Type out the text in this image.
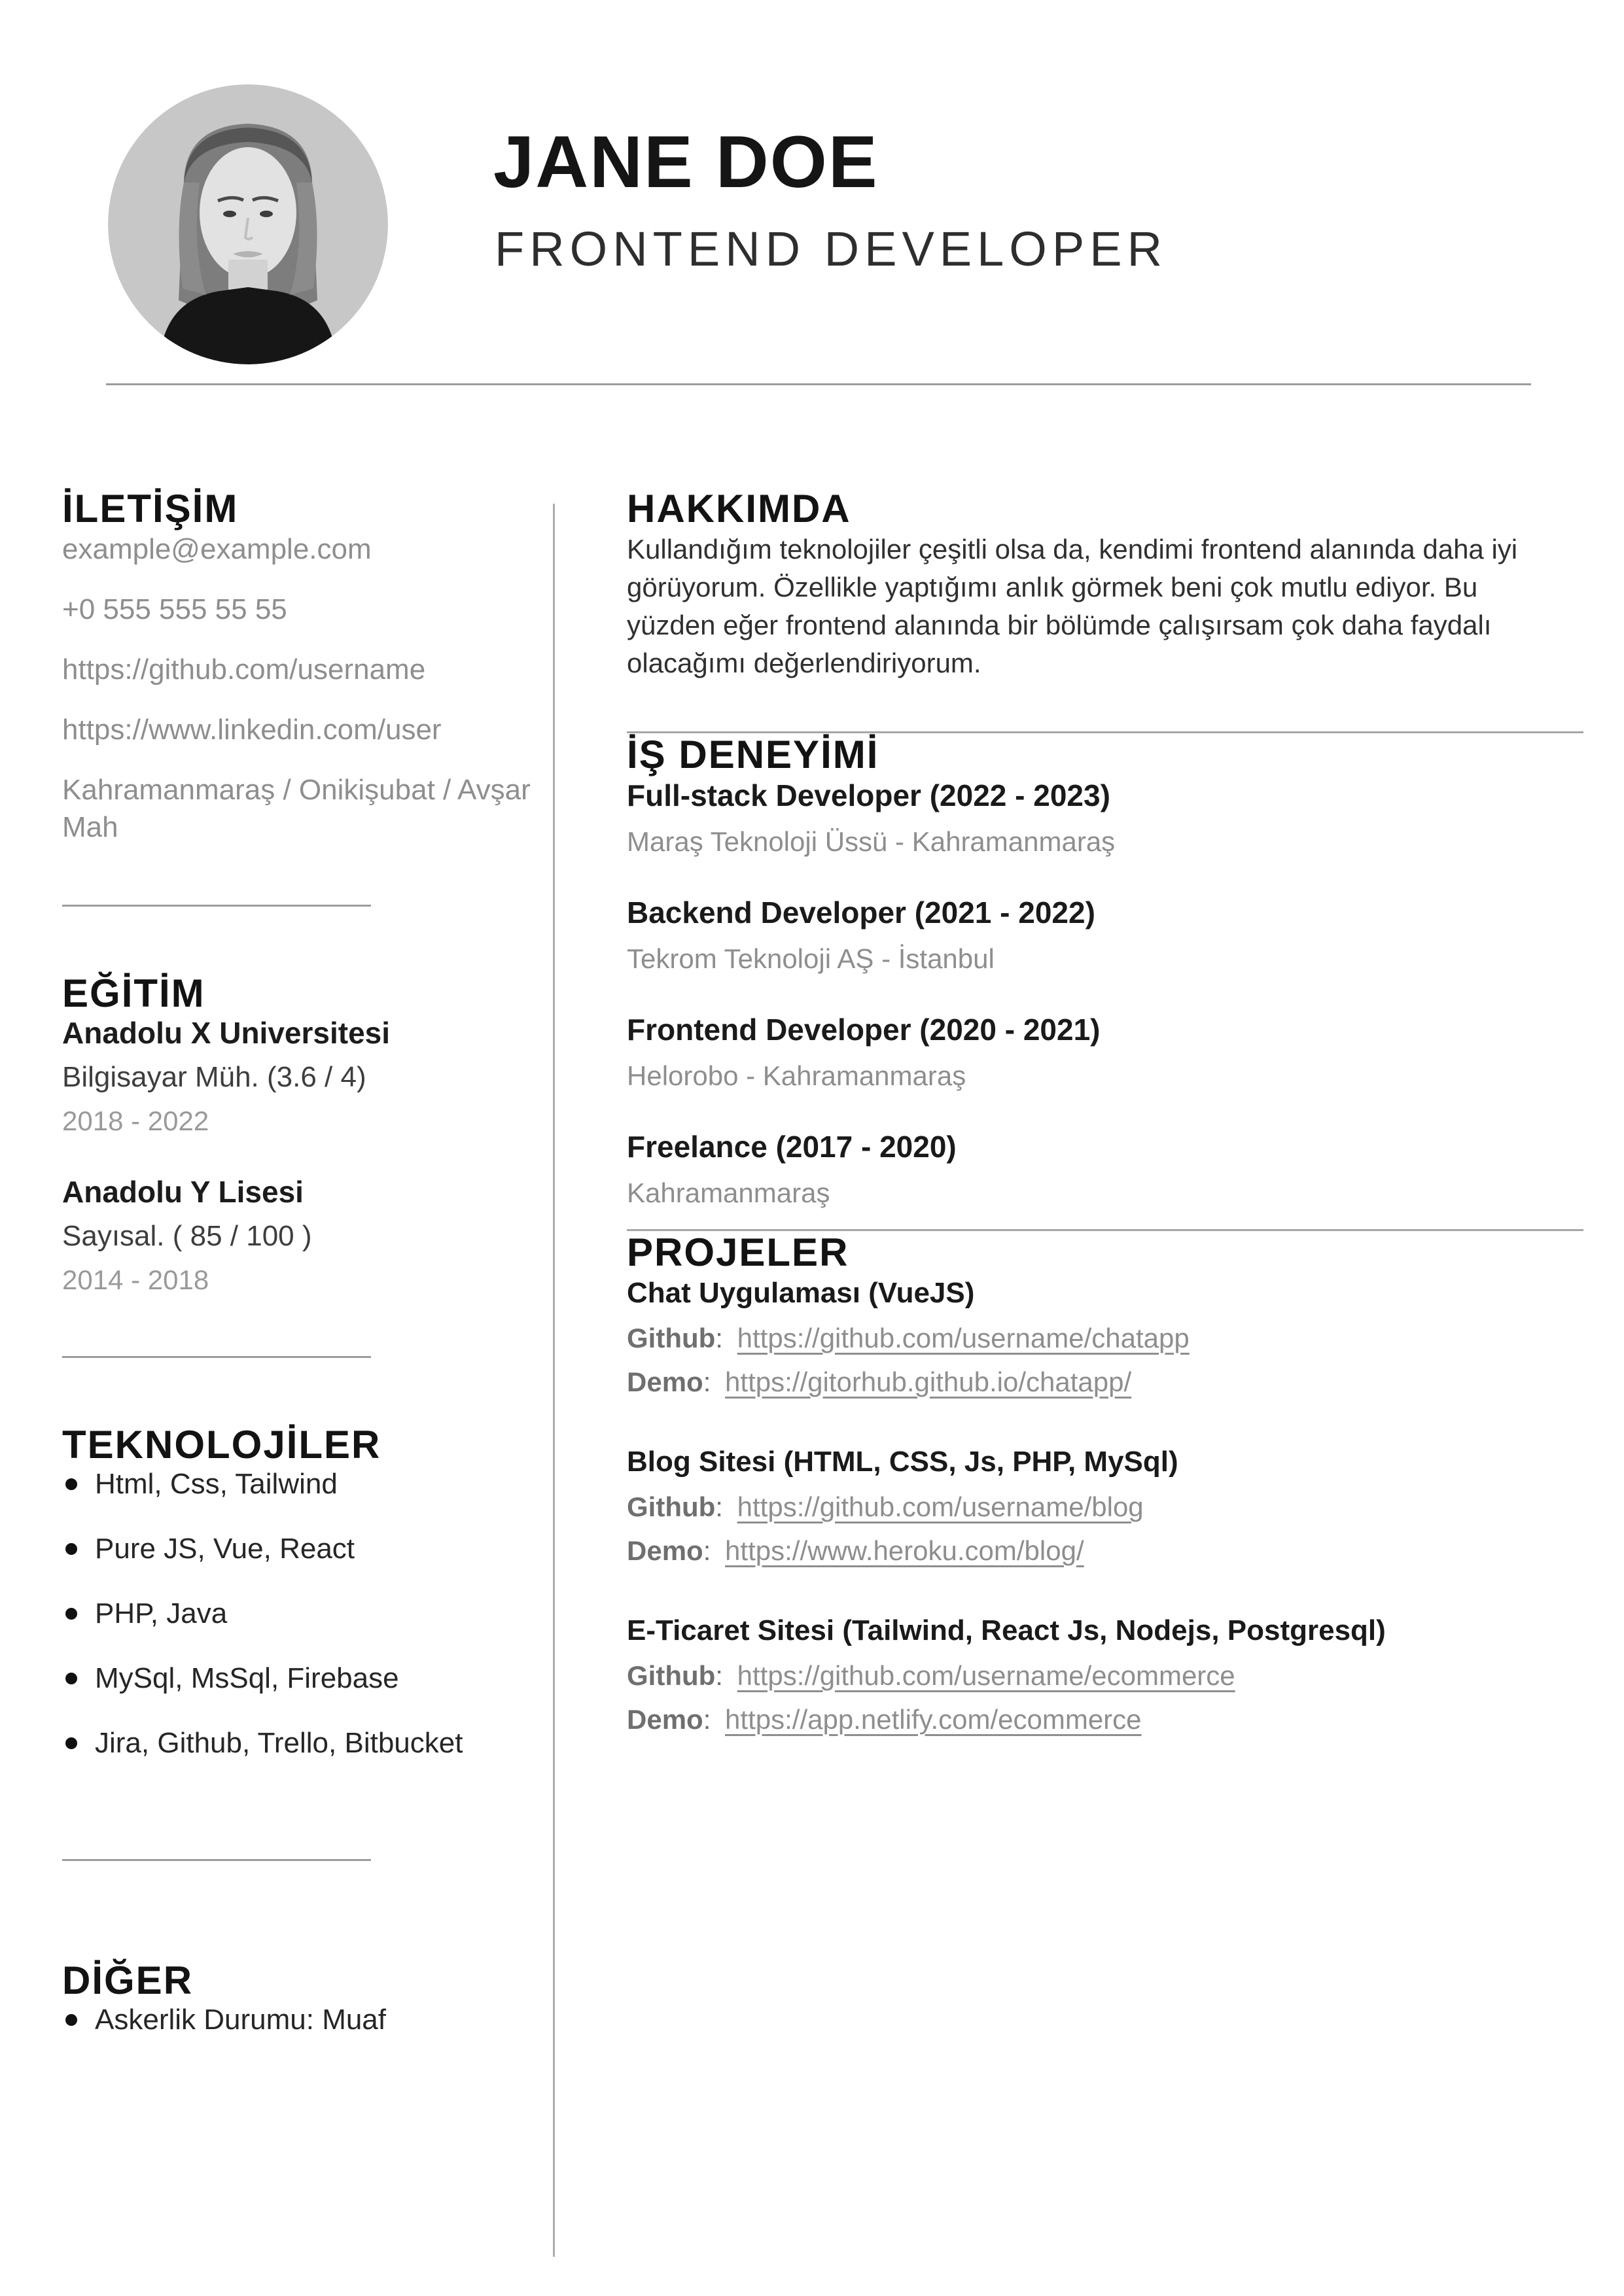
JANE DOE
FRONTEND DEVELOPER
İLETİŞİM

example@example.com

+0 555 555 55 55

https://github.com/username

https://www.linkedin.com/user

Kahramanmaraş / Onikişubat / Avşar Mah

EĞİTİM

Anadolu X Universitesi

Bilgisayar Müh. (3.6 / 4)

2018 - 2022

Anadolu Y Lisesi

Sayısal. ( 85 / 100 )

2014 - 2018

TEKNOLOJİLER
Html, Css, Tailwind
Pure JS, Vue, React
PHP, Java
MySql, MsSql, Firebase
Jira, Github, Trello, Bitbucket
DİĞER
Askerlik Durumu: Muaf
HAKKIMDA

Kullandığım teknolojiler çeşitli olsa da, kendimi frontend alanında daha iyi görüyorum. Özellikle yaptığımı anlık görmek beni çok mutlu ediyor. Bu yüzden eğer frontend alanında bir bölümde çalışırsam çok daha faydalı olacağımı değerlendiriyorum.

İŞ DENEYİMİ

Full-stack Developer (2022 - 2023)

Maraş Teknoloji Üssü - Kahramanmaraş

Backend Developer (2021 - 2022)

Tekrom Teknoloji AŞ - İstanbul

Frontend Developer (2020 - 2021)

Helorobo - Kahramanmaraş

Freelance (2017 - 2020)

Kahramanmaraş

PROJELER

Chat Uygulaması (VueJS)

Github: https://github.com/username/chatapp

Demo: https://gitorhub.github.io/chatapp/

Blog Sitesi (HTML, CSS, Js, PHP, MySql)

Github: https://github.com/username/blog

Demo: https://www.heroku.com/blog/

E-Ticaret Sitesi (Tailwind, React Js, Nodejs, Postgresql)

Github: https://github.com/username/ecommerce

Demo: https://app.netlify.com/ecommerce
